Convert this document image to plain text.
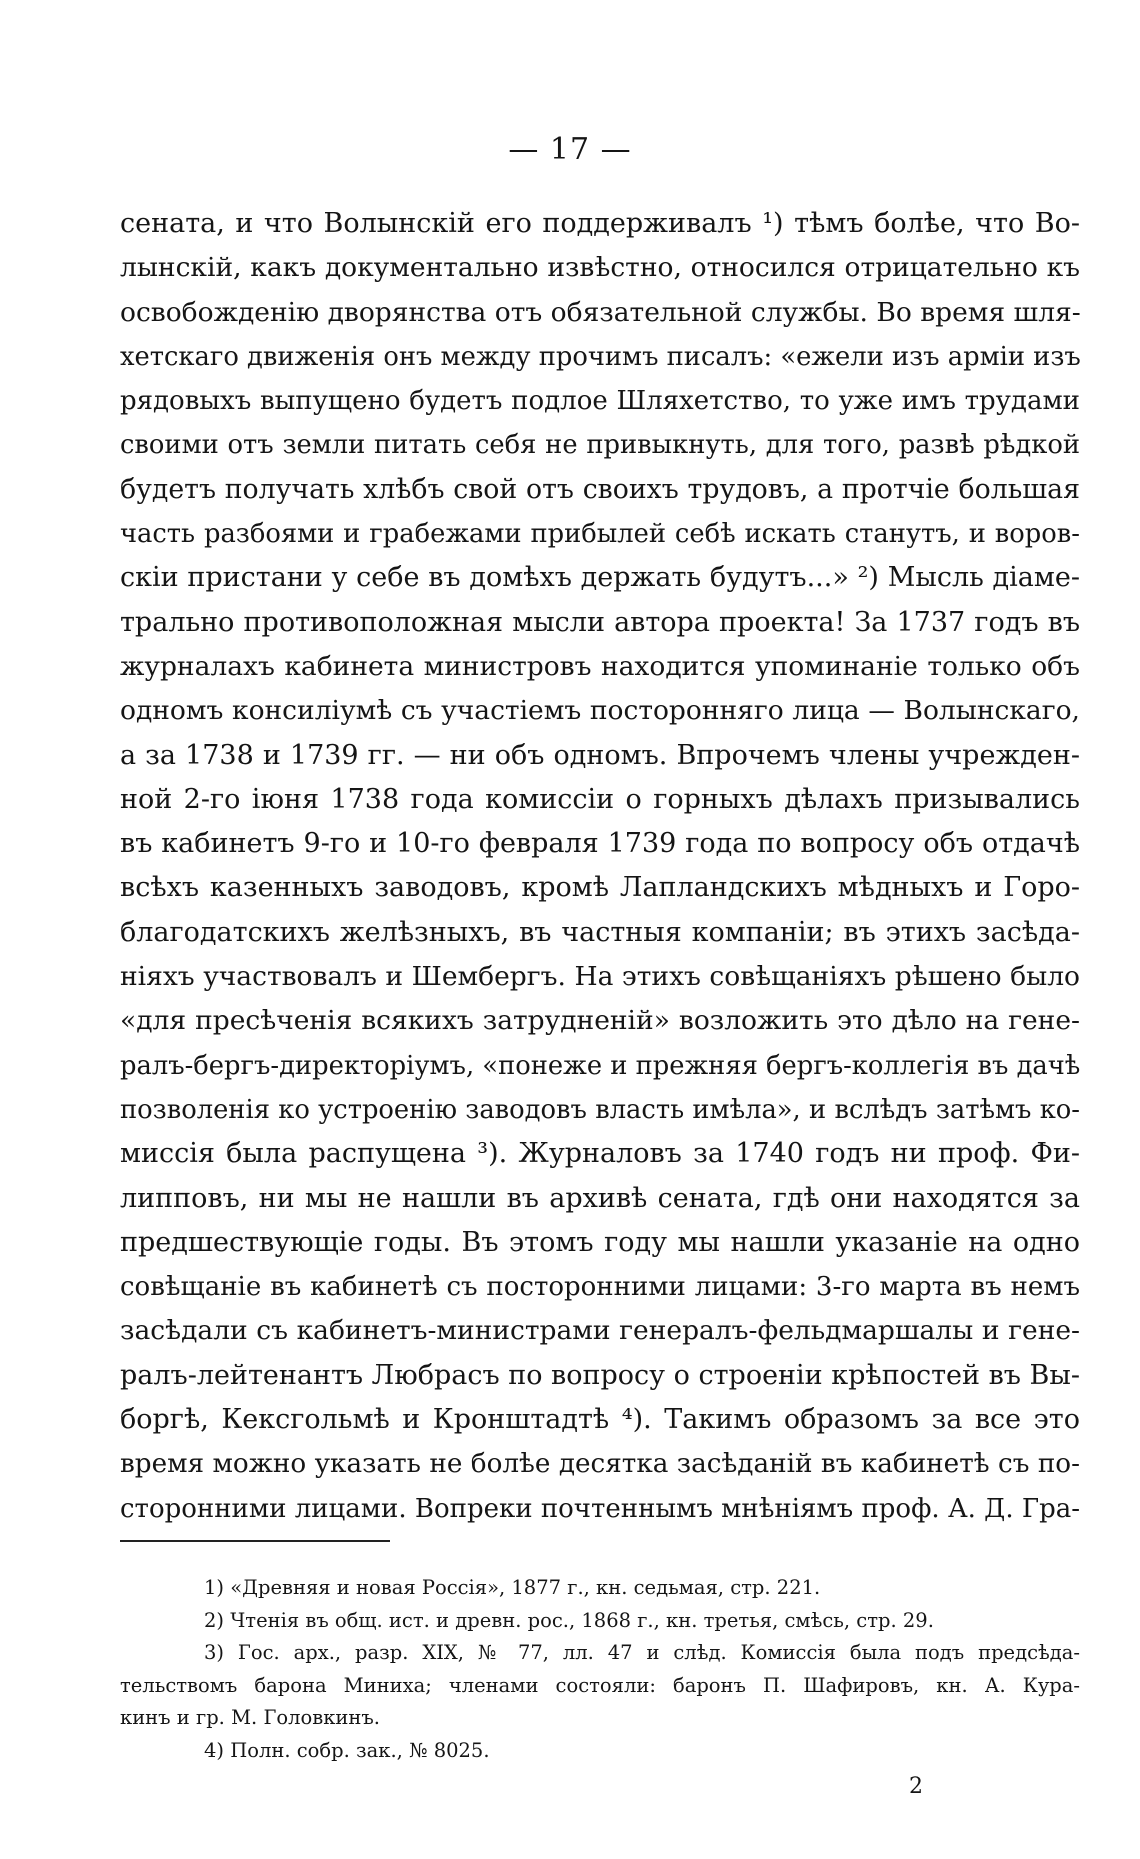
— 17 —
сената, и что Волынскій его поддерживалъ ¹) тѣмъ болѣе, что Во-
лынскій, какъ документально извѣстно, относился отрицательно къ
освобожденію дворянства отъ обязательной службы. Во время шля-
хетскаго движенія онъ между прочимъ писалъ: «ежели изъ арміи изъ
рядовыхъ выпущено будетъ подлое Шляхетство, то уже имъ трудами
своими отъ земли питать себя не привыкнуть, для того, развѣ рѣдкой
будетъ получать хлѣбъ свой отъ своихъ трудовъ, а протчіе большая
часть разбоями и грабежами прибылей себѣ искать станутъ, и воров-
скіи пристани у себе въ домѣхъ держать будутъ...» ²) Мысль діаме-
трально противоположная мысли автора проекта! За 1737 годъ въ
журналахъ кабинета министровъ находится упоминаніе только объ
одномъ консиліумѣ съ участіемъ посторонняго лица — Волынскаго,
а за 1738 и 1739 гг. — ни объ одномъ. Впрочемъ члены учрежден-
ной 2-го іюня 1738 года комиссіи о горныхъ дѣлахъ призывались
въ кабинетъ 9-го и 10-го февраля 1739 года по вопросу объ отдачѣ
всѣхъ казенныхъ заводовъ, кромѣ Лапландскихъ мѣдныхъ и Горо-
благодатскихъ желѣзныхъ, въ частныя компаніи; въ этихъ засѣда-
ніяхъ участвовалъ и Шембергъ. На этихъ совѣщаніяхъ рѣшено было
«для пресѣченія всякихъ затрудненій» возложить это дѣло на гене-
ралъ-бергъ-директоріумъ, «понеже и прежняя бергъ-коллегія въ дачѣ
позволенія ко устроенію заводовъ власть имѣла», и вслѣдъ затѣмъ ко-
миссія была распущена ³). Журналовъ за 1740 годъ ни проф. Фи-
липповъ, ни мы не нашли въ архивѣ сената, гдѣ они находятся за
предшествующіе годы. Въ этомъ году мы нашли указаніе на одно
совѣщаніе въ кабинетѣ съ посторонними лицами: 3-го марта въ немъ
засѣдали съ кабинетъ-министрами генералъ-фельдмаршалы и гене-
ралъ-лейтенантъ Любрасъ по вопросу о строеніи крѣпостей въ Вы-
боргѣ, Кексгольмѣ и Кронштадтѣ ⁴). Такимъ образомъ за все это
время можно указать не болѣе десятка засѣданій въ кабинетѣ съ по-
сторонними лицами. Вопреки почтеннымъ мнѣніямъ проф. А. Д. Гра-
1) «Древняя и новая Россія», 1877 г., кн. седьмая, стр. 221.
2) Чтенія въ общ. ист. и древн. рос., 1868 г., кн. третья, смѣсь, стр. 29.
3) Гос. арх., разр. XIX, № 77, лл. 47 и слѣд. Комиссія была подъ предсѣда-
тельствомъ барона Миниха; членами состояли: баронъ П. Шафировъ, кн. А. Кура-
кинъ и гр. М. Головкинъ.
4) Полн. собр. зак., № 8025.
2
